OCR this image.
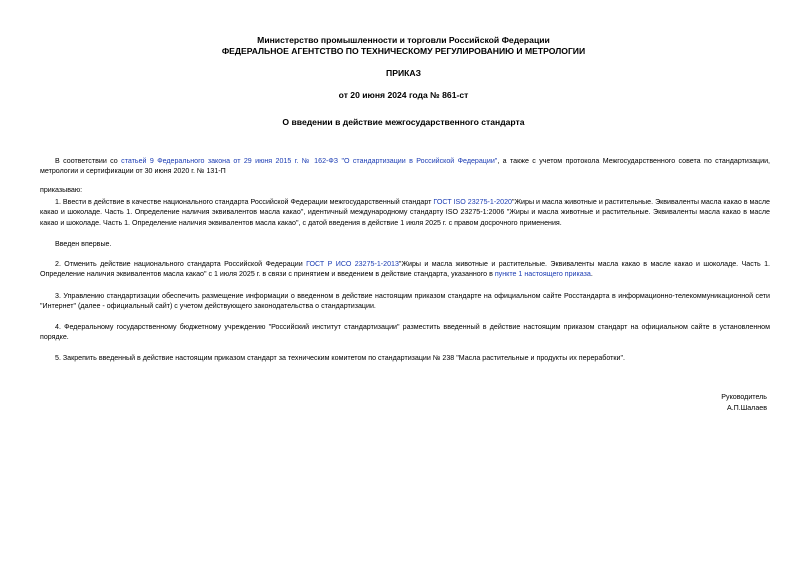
Министерство промышленности и торговли Российской Федерации
ФЕДЕРАЛЬНОЕ АГЕНТСТВО ПО ТЕХНИЧЕСКОМУ РЕГУЛИРОВАНИЮ И МЕТРОЛОГИИ
ПРИКАЗ
от 20 июня 2024 года № 861-ст
О введении в действие межгосударственного стандарта
В соответствии со статьей 9 Федерального закона от 29 июня 2015 г. № 162-ФЗ "О стандартизации в Российской Федерации", а также с учетом протокола Межгосударственного совета по стандартизации, метрологии и сертификации от 30 июня 2020 г. № 131-П
приказываю:
1. Ввести в действие в качестве национального стандарта Российской Федерации межгосударственный стандарт ГОСТ ISO 23275-1-2020"Жиры и масла животные и растительные. Эквиваленты масла какао в масле какао и шоколаде. Часть 1. Определение наличия эквивалентов масла какао", идентичный международному стандарту ISO 23275-1:2006 "Жиры и масла животные и растительные. Эквиваленты масла какао в масле какао и шоколаде. Часть 1. Определение наличия эквивалентов масла какао", с датой введения в действие 1 июля 2025 г. с правом досрочного применения.
Введен впервые.
2. Отменить действие национального стандарта Российской Федерации ГОСТ Р ИСО 23275-1-2013"Жиры и масла животные и растительные. Эквиваленты масла какао в масле какао и шоколаде. Часть 1. Определение наличия эквивалентов масла какао" с 1 июля 2025 г. в связи с принятием и введением в действие стандарта, указанного в пункте 1 настоящего приказа.
3. Управлению стандартизации обеспечить размещение информации о введенном в действие настоящим приказом стандарте на официальном сайте Росстандарта в информационно-телекоммуникационной сети "Интернет" (далее - официальный сайт) с учетом действующего законодательства о стандартизации.
4. Федеральному государственному бюджетному учреждению "Российский институт стандартизации" разместить введенный в действие настоящим приказом стандарт на официальном сайте в установленном порядке.
5. Закрепить введенный в действие настоящим приказом стандарт за техническим комитетом по стандартизации № 238 "Масла растительные и продукты их переработки".
Руководитель
А.П.Шалаев
